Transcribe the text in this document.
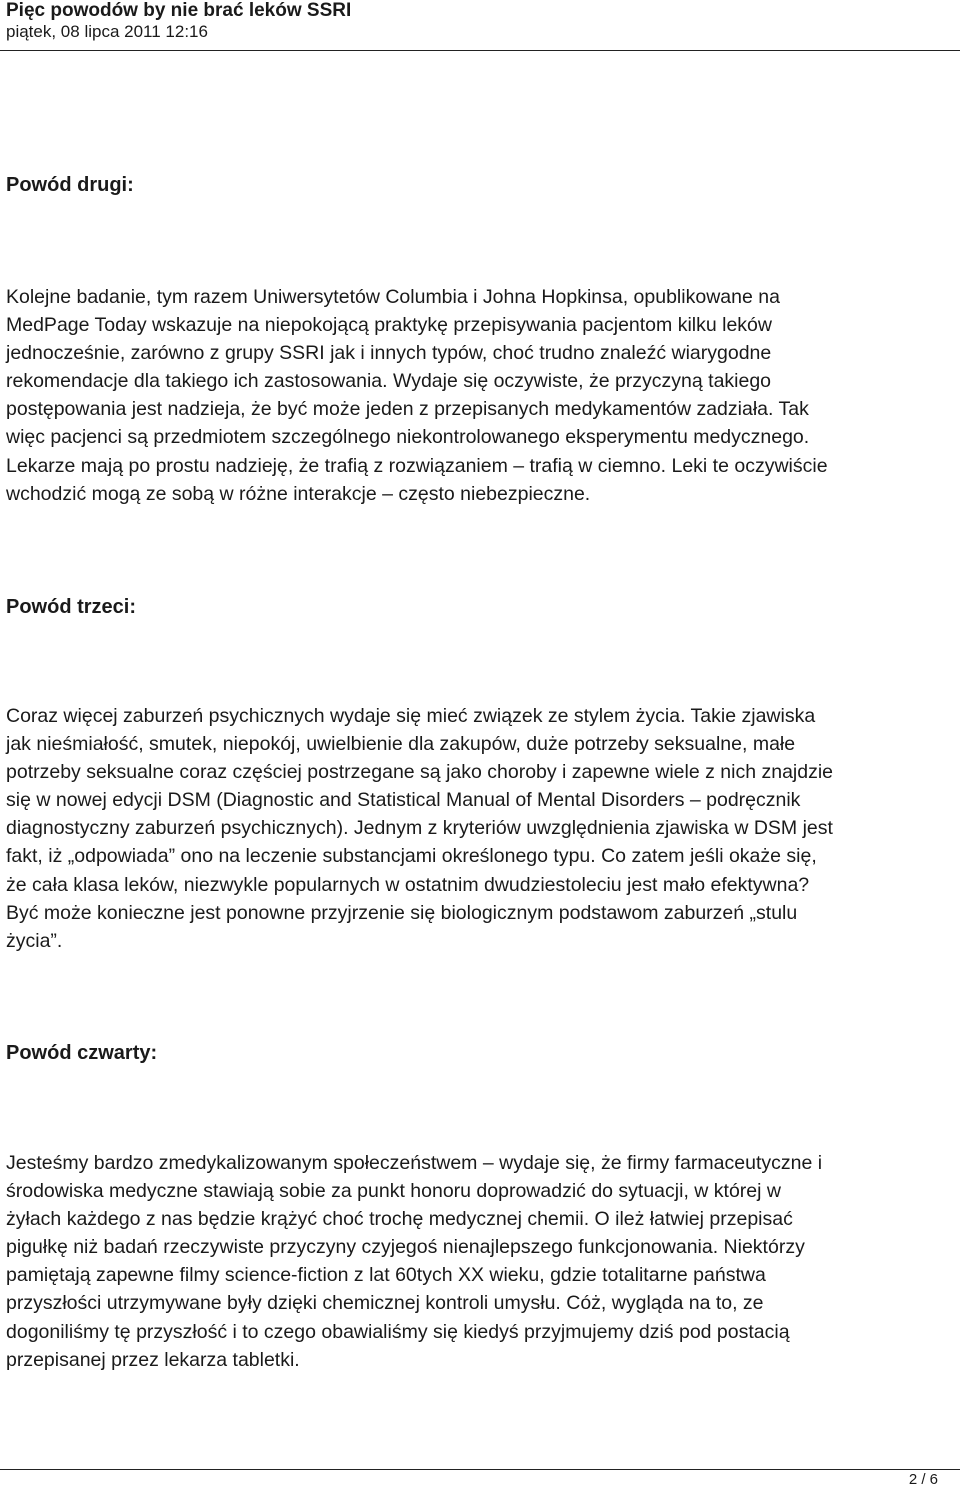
Pięc powodów by nie brać leków SSRI
piątek, 08 lipca 2011 12:16
Powód drugi:
Kolejne badanie, tym razem Uniwersytetów Columbia i Johna Hopkinsa, opublikowane na
MedPage Today wskazuje na niepokojącą praktykę przepisywania pacjentom kilku leków
jednocześnie, zarówno z grupy SSRI jak i innych typów, choć trudno znaleźć wiarygodne
rekomendacje dla takiego ich zastosowania. Wydaje się oczywiste, że przyczyną takiego
postępowania jest nadzieja, że być może jeden z przepisanych medykamentów zadziała. Tak
więc pacjenci są przedmiotem szczególnego niekontrolowanego eksperymentu medycznego.
Lekarze mają po prostu nadzieję, że trafią z rozwiązaniem – trafią w ciemno. Leki te oczywiście
wchodzić mogą ze sobą w różne interakcje – często niebezpieczne.
Powód trzeci:
Coraz więcej zaburzeń psychicznych wydaje się mieć związek ze stylem życia. Takie zjawiska
jak nieśmiałość, smutek, niepokój, uwielbienie dla zakupów, duże potrzeby seksualne, małe
potrzeby seksualne coraz częściej postrzegane są jako choroby i zapewne wiele z nich znajdzie
się w nowej edycji DSM (Diagnostic and Statistical Manual of Mental Disorders – podręcznik
diagnostyczny zaburzeń psychicznych). Jednym z kryteriów uwzględnienia zjawiska w DSM jest
fakt, iż „odpowiada” ono na leczenie substancjami określonego typu. Co zatem jeśli okaże się,
że cała klasa leków, niezwykle popularnych w ostatnim dwudziestoleciu jest mało efektywna?
Być może konieczne jest ponowne przyjrzenie się biologicznym podstawom zaburzeń „stulu
życia”.
Powód czwarty:
Jesteśmy bardzo zmedykalizowanym społeczeństwem – wydaje się, że firmy farmaceutyczne i
środowiska medyczne stawiają sobie za punkt honoru doprowadzić do sytuacji, w której w
żyłach każdego z nas będzie krążyć choć trochę medycznej chemii. O ileż łatwiej przepisać
pigułkę niż badań rzeczywiste przyczyny czyjegoś nienajlepszego funkcjonowania. Niektórzy
pamiętają zapewne filmy science-fiction z lat 60tych XX wieku, gdzie totalitarne państwa
przyszłości utrzymywane były dzięki chemicznej kontroli umysłu. Cóż, wygląda na to, ze
dogoniliśmy tę przyszłość i to czego obawialiśmy się kiedyś przyjmujemy dziś pod postacią
przepisanej przez lekarza tabletki.
2 / 6
